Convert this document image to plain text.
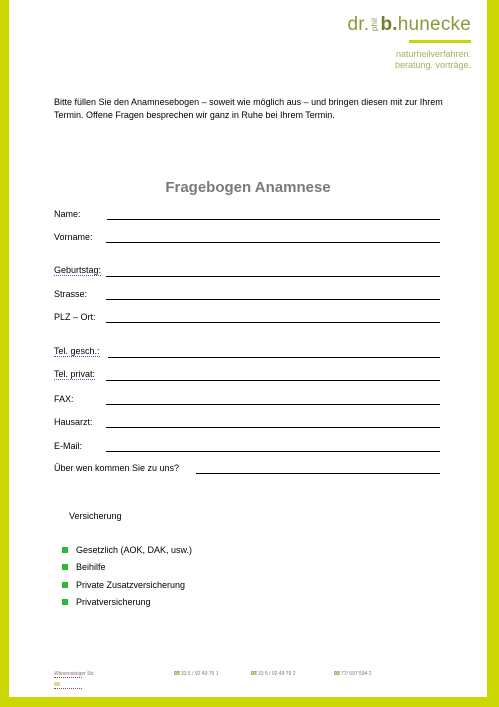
dr.philb.hunecke
naturheilverfahren.
beratung. vorträge.
Bitte füllen Sie den Anamnesebogen – soweit wie möglich aus – und bringen diesen mit zur Ihrem Termin. Offene Fragen besprechen wir ganz in Ruhe bei Ihrem Termin.
Fragebogen Anamnese
Name:
Vorname:
Geburtstag:
Strasse:
PLZ – Ort:
Tel. gesch.:
Tel. privat:
FAX:
Hausarzt:
E-Mail:
Über wen kommen Sie zu uns?
Versicherung
Gesetzlich (AOK, DAK, usw.)
Beihilfe
Private Zusatzversicherung
Privatversicherung
Wiesensteiger Str.
	07 33 5 / 92 49 79 1	07 33 5 / 92 49 79 2	01 77/ 597 594 2
